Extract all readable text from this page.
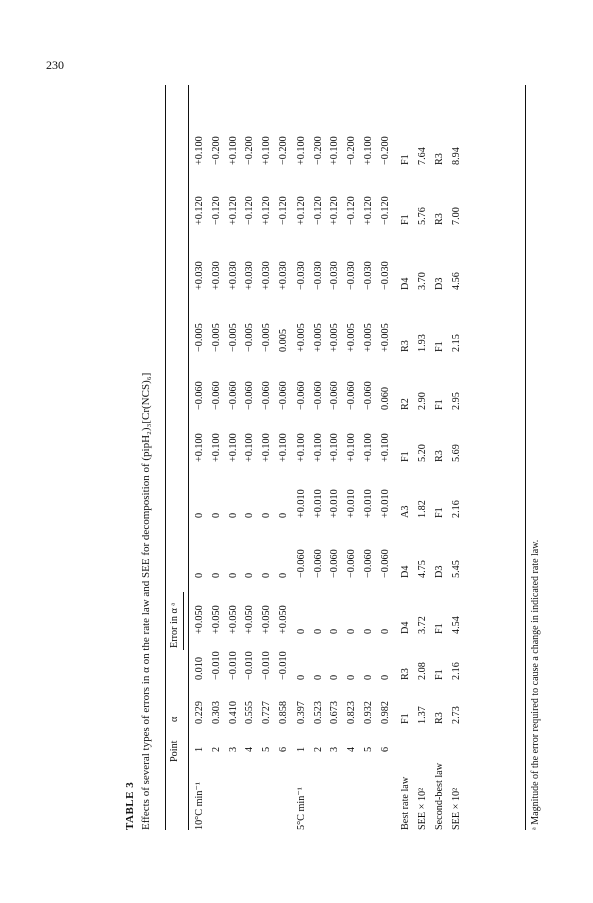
230
TABLE 3 Effects of several types of errors in α on the rate law and SEE for decomposition of (pipH₂)₃[Cr(NCS)₆] Point
α
Error in α ᵃ
10°C min⁻¹
1
0.229
0.010
+0.050
0
0
+0.100
−0.060
−0.005
+0.030
+0.120
+0.100
2
0.303
−0.010
+0.050
0
0
+0.100
−0.060
−0.005
+0.030
−0.120
−0.200
3
0.410
−0.010
+0.050
0
0
+0.100
−0.060
−0.005
+0.030
+0.120
+0.100
4
0.555
−0.010
+0.050
0
0
+0.100
−0.060
−0.005
+0.030
−0.120
−0.200
5
0.727
−0.010
+0.050
0
0
+0.100
−0.060
−0.005
+0.030
+0.120
+0.100
6
0.858
−0.010
+0.050
0
0
+0.100
−0.060
0.005
+0.030
−0.120
−0.200
5°C min⁻¹
1
0.397
0
0
−0.060
+0.010
+0.100
−0.060
+0.005
−0.030
+0.120
+0.100
2
0.523
0
0
−0.060
+0.010
+0.100
−0.060
+0.005
−0.030
−0.120
−0.200
3
0.673
0
0
−0.060
+0.010
+0.100
−0.060
+0.005
−0.030
+0.120
+0.100
4
0.823
0
0
−0.060
+0.010
+0.100
−0.060
+0.005
−0.030
−0.120
−0.200
5
0.932
0
0
−0.060
+0.010
+0.100
−0.060
+0.005
−0.030
+0.120
+0.100
6
0.982
0
0
−0.060
+0.010
+0.100
0.060
+0.005
−0.030
−0.120
−0.200
Best rate law
F1
R3
D4
D4
A3
F1
R2
R3
D4
F1
F1
SEE × 10²
1.37
2.08
3.72
4.75
1.82
5.20
2.90
1.93
3.70
5.76
7.64
Second-best law
R3
F1
F1
D3
F1
R3
F1
F1
D3
R3
R3
SEE × 10²
2.73
2.16
4.54
5.45
2.16
5.69
2.95
2.15
4.56
7.00
8.94
ᵃ Magnitude of the error required to cause a change in indicated rate law.
